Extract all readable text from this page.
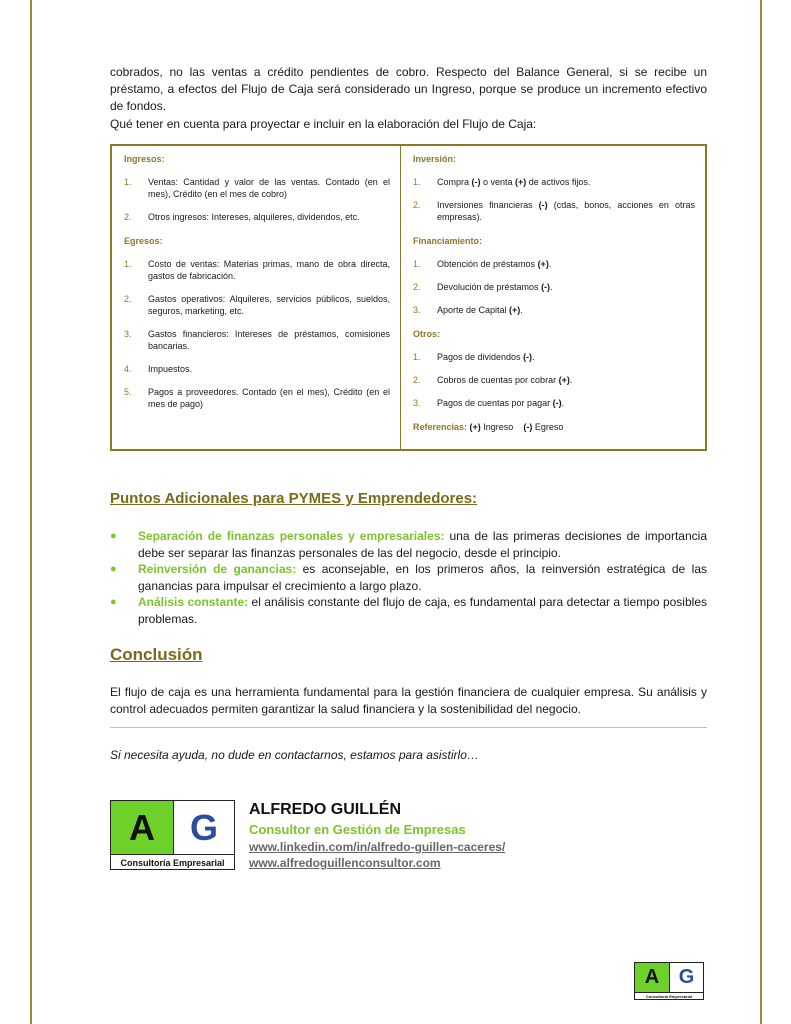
cobrados, no las ventas a crédito pendientes de cobro. Respecto del Balance General, si se recibe un préstamo, a efectos del Flujo de Caja será considerado un Ingreso, porque se produce un incremento efectivo de fondos.

Qué tener en cuenta para proyectar e incluir en la elaboración del Flujo de Caja:

Ingresos:

1.	Ventas: Cantidad y valor de las ventas. Contado (en el mes), Crédito (en el mes de cobro)
2.	Otros ingresos: Intereses, alquileres, dividendos, etc.

Egresos:

1.	Costo de ventas: Materias primas, mano de obra directa, gastos de fabricación.
2.	Gastos operativos: Alquileres, servicios públicos, sueldos, seguros, marketing, etc.
3.	Gastos financieros: Intereses de préstamos, comisiones bancarias.
4.	Impuestos.
5.	Pagos a proveedores. Contado (en el mes), Crédito (en el mes de pago)

Inversión:

1.	Compra (-) o venta (+) de activos fijos.
2.	Inversiones financieras (-) (cdas, bonos, acciones en otras empresas).

Financiamiento:

1.	Obtención de préstamos (+).
2.	Devolución de préstamos (-).
3.	Aporte de Capital (+).

Otros:

1.	Pagos de dividendos (-).
2.	Cobros de cuentas por cobrar (+).
3.	Pagos de cuentas por pagar (-).

Referencias: (+) Ingreso (-) Egreso

Puntos Adicionales para PYMES y Emprendedores:
●	Separación de finanzas personales y empresariales: una de las primeras decisiones de importancia debe ser separar las finanzas personales de las del negocio, desde el principio.
●	Reinversión de ganancias: es aconsejable, en los primeros años, la reinversión estratégica de las ganancias para impulsar el crecimiento a largo plazo.
●	Análisis constante: el análisis constante del flujo de caja, es fundamental para detectar a tiempo posibles problemas.
Conclusión

El flujo de caja es una herramienta fundamental para la gestión financiera de cualquier empresa. Su análisis y control adecuados permiten garantizar la salud financiera y la sostenibilidad del negocio.

Si necesita ayuda, no dude en contactarnos, estamos para asistirlo…

A G
Consultoría Empresarial

ALFREDO GUILLÉN

Consultor en Gestión de Empresas

www.linkedin.com/in/alfredo-guillen-caceres/
www.alfredoguillenconsultor.com
A G
Consultoría Empresarial
